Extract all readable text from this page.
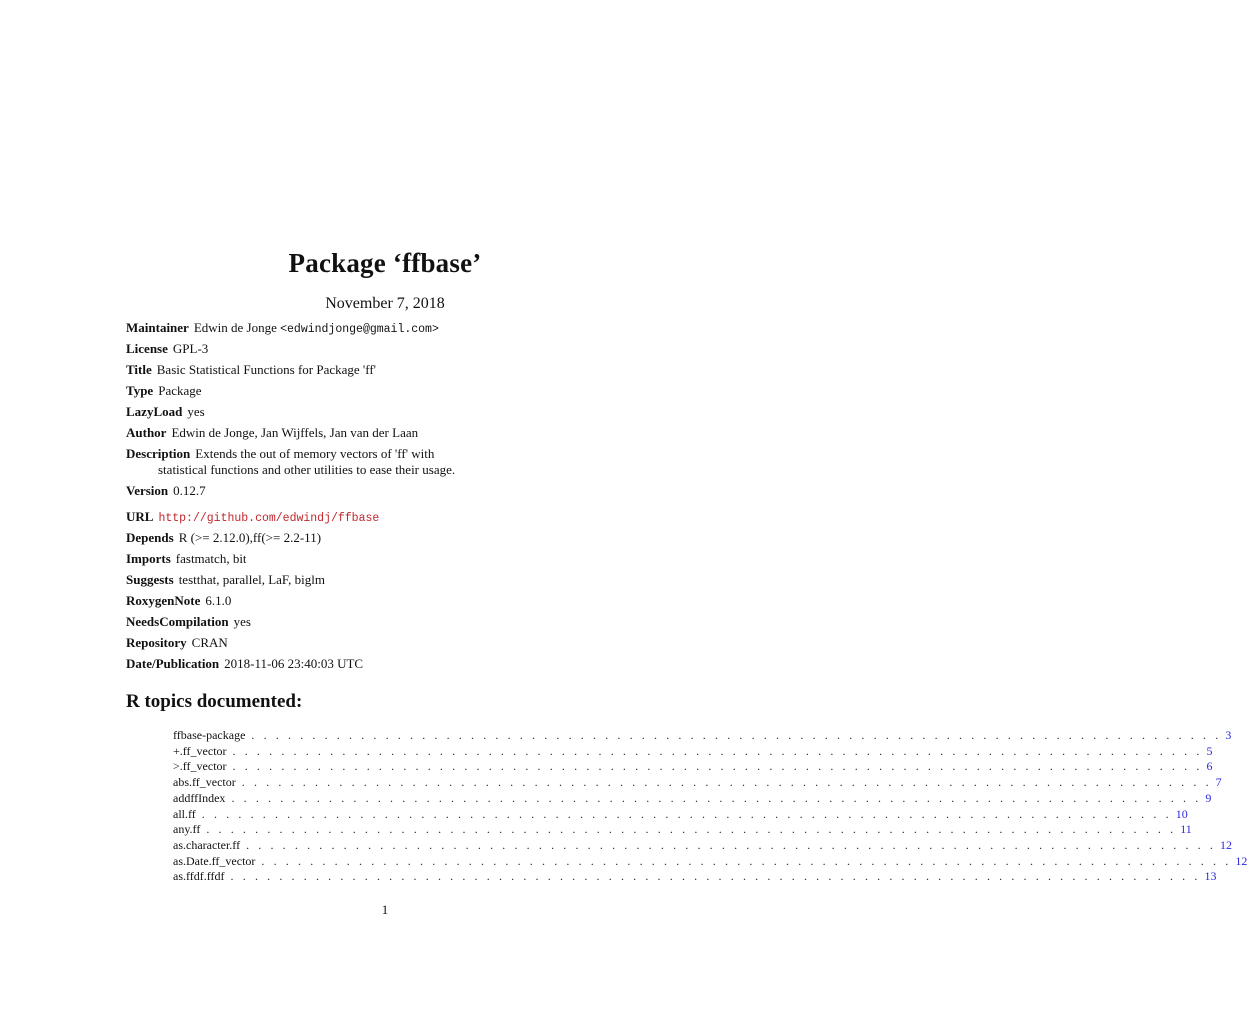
Package ‘ffbase’
November 7, 2018
Maintainer Edwin de Jonge <edwindjonge@gmail.com>
License GPL-3
Title Basic Statistical Functions for Package 'ff'
Type Package
LazyLoad yes
Author Edwin de Jonge, Jan Wijffels, Jan van der Laan
Description Extends the out of memory vectors of 'ff' with
statistical functions and other utilities to ease their usage.
Version 0.12.7
URL http://github.com/edwindj/ffbase
Depends R (>= 2.12.0),ff(>= 2.2-11)
Imports fastmatch, bit
Suggests testthat, parallel, LaF, biglm
RoxygenNote 6.1.0
NeedsCompilation yes
Repository CRAN
Date/Publication 2018-11-06 23:40:03 UTC
R topics documented:
ffbase-package . . . . . . . . . . . . . . . . . . . . . . . . . . . . . . . . . . . . . . . . . . . . . . . . . . . . . . . . . . . . . . . . . . . . . . . . . . . . . . . . 3
+.ff_vector . . . . . . . . . . . . . . . . . . . . . . . . . . . . . . . . . . . . . . . . . . . . . . . . . . . . . . . . . . . . . . . . . . . . . . . . . . . . . . . . 5
>.ff_vector . . . . . . . . . . . . . . . . . . . . . . . . . . . . . . . . . . . . . . . . . . . . . . . . . . . . . . . . . . . . . . . . . . . . . . . . . . . . . . . . 6
abs.ff_vector . . . . . . . . . . . . . . . . . . . . . . . . . . . . . . . . . . . . . . . . . . . . . . . . . . . . . . . . . . . . . . . . . . . . . . . . . . . . . . . . 7
addffIndex . . . . . . . . . . . . . . . . . . . . . . . . . . . . . . . . . . . . . . . . . . . . . . . . . . . . . . . . . . . . . . . . . . . . . . . . . . . . . . . . 9
all.ff . . . . . . . . . . . . . . . . . . . . . . . . . . . . . . . . . . . . . . . . . . . . . . . . . . . . . . . . . . . . . . . . . . . . . . . . . . . . . . . . 10
any.ff . . . . . . . . . . . . . . . . . . . . . . . . . . . . . . . . . . . . . . . . . . . . . . . . . . . . . . . . . . . . . . . . . . . . . . . . . . . . . . . . 11
as.character.ff . . . . . . . . . . . . . . . . . . . . . . . . . . . . . . . . . . . . . . . . . . . . . . . . . . . . . . . . . . . . . . . . . . . . . . . . . . . . . . . . 12
as.Date.ff_vector . . . . . . . . . . . . . . . . . . . . . . . . . . . . . . . . . . . . . . . . . . . . . . . . . . . . . . . . . . . . . . . . . . . . . . . . . . . . . . . . 12
as.ffdf.ffdf . . . . . . . . . . . . . . . . . . . . . . . . . . . . . . . . . . . . . . . . . . . . . . . . . . . . . . . . . . . . . . . . . . . . . . . . . . . . . . . . 13
1
